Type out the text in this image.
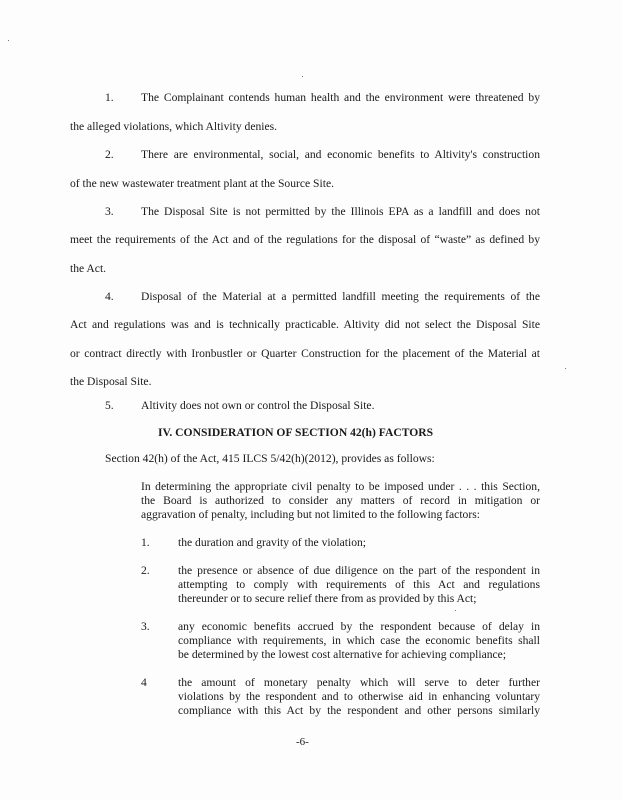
1. The Complainant contends human health and the environment were threatened by
the alleged violations, which Altivity denies.
2. There are environmental, social, and economic benefits to Altivity's construction
of the new wastewater treatment plant at the Source Site.
3. The Disposal Site is not permitted by the Illinois EPA as a landfill and does not
meet the requirements of the Act and of the regulations for the disposal of “waste” as defined by
the Act.
4. Disposal of the Material at a permitted landfill meeting the requirements of the
Act and regulations was and is technically practicable. Altivity did not select the Disposal Site
or contract directly with Ironbustler or Quarter Construction for the placement of the Material at
the Disposal Site.
5. Altivity does not own or control the Disposal Site.
IV. CONSIDERATION OF SECTION 42(h) FACTORS
Section 42(h) of the Act, 415 ILCS 5/42(h)(2012), provides as follows:
In determining the appropriate civil penalty to be imposed under . . . this Section,
the Board is authorized to consider any matters of record in mitigation or
aggravation of penalty, including but not limited to the following factors:
1. the duration and gravity of the violation;
2. the presence or absence of due diligence on the part of the respondent in
attempting to comply with requirements of this Act and regulations
thereunder or to secure relief there from as provided by this Act;
3. any economic benefits accrued by the respondent because of delay in
compliance with requirements, in which case the economic benefits shall
be determined by the lowest cost alternative for achieving compliance;
4	the amount of monetary penalty which will serve to deter further
violations by the respondent and to otherwise aid in enhancing voluntary
compliance with this Act by the respondent and other persons similarly
-6-
